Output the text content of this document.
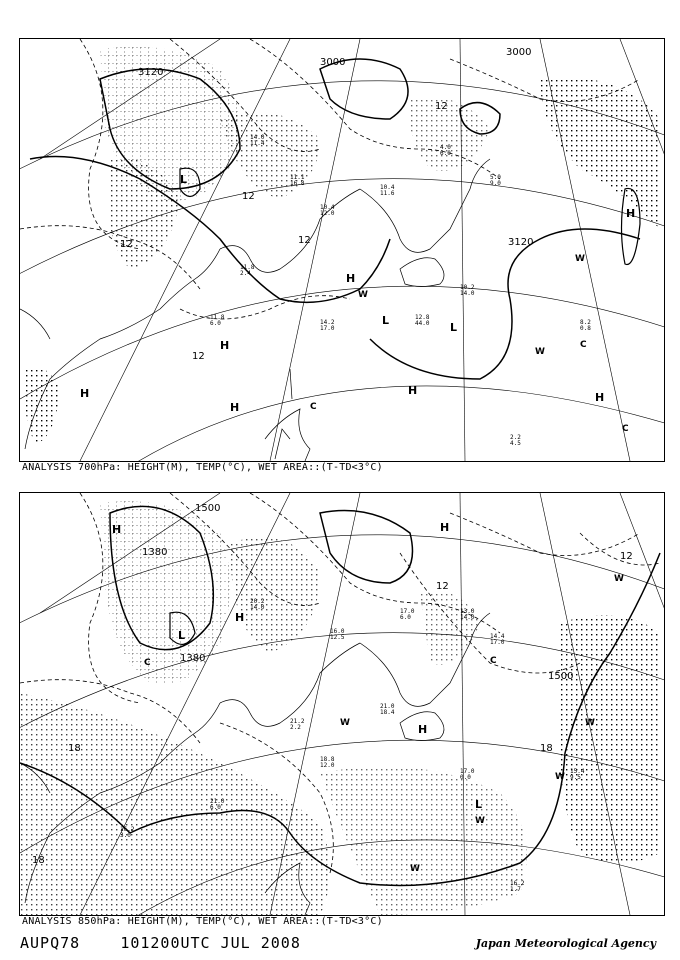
14.0
11.4
11.1
16.8
10.4
12.0
10.4
11.6
4.0
6.0
5.0
9.0
10.2
14.0
12.8
44.0	8.2
0.8
2.2
4.5
11.8
6.0	14.2
17.0
11.8
2.4
3120
3000
3000
3120
12
12
12
12
12
H
H
H
H
H
H
H
L
L
L
W
W
W
C
C
C
ANALYSIS 700hPa: HEIGHT(M), TEMP(°C), WET AREA::(T-TD<3°C)
20.2
14.0
16.0
12.5
17.0
6.0
13.0
14.0
14.4
17.0
17.0
0.0
15.4
9.5
16.2
1.7
21.0
18.4
21.2
2.2
18.8
12.0
21.0
6.0
16.2
3.0
1500
1380
1380
1500
18
18
18
12
12
H	H
H
H
L
L
W
W	W
W
W
W
C
C
ANALYSIS 850hPa: HEIGHT(M), TEMP(°C), WET AREA::(T-TD<3°C)
AUPQ78	101200UTC JUL 2008	Japan Meteorological Agency
